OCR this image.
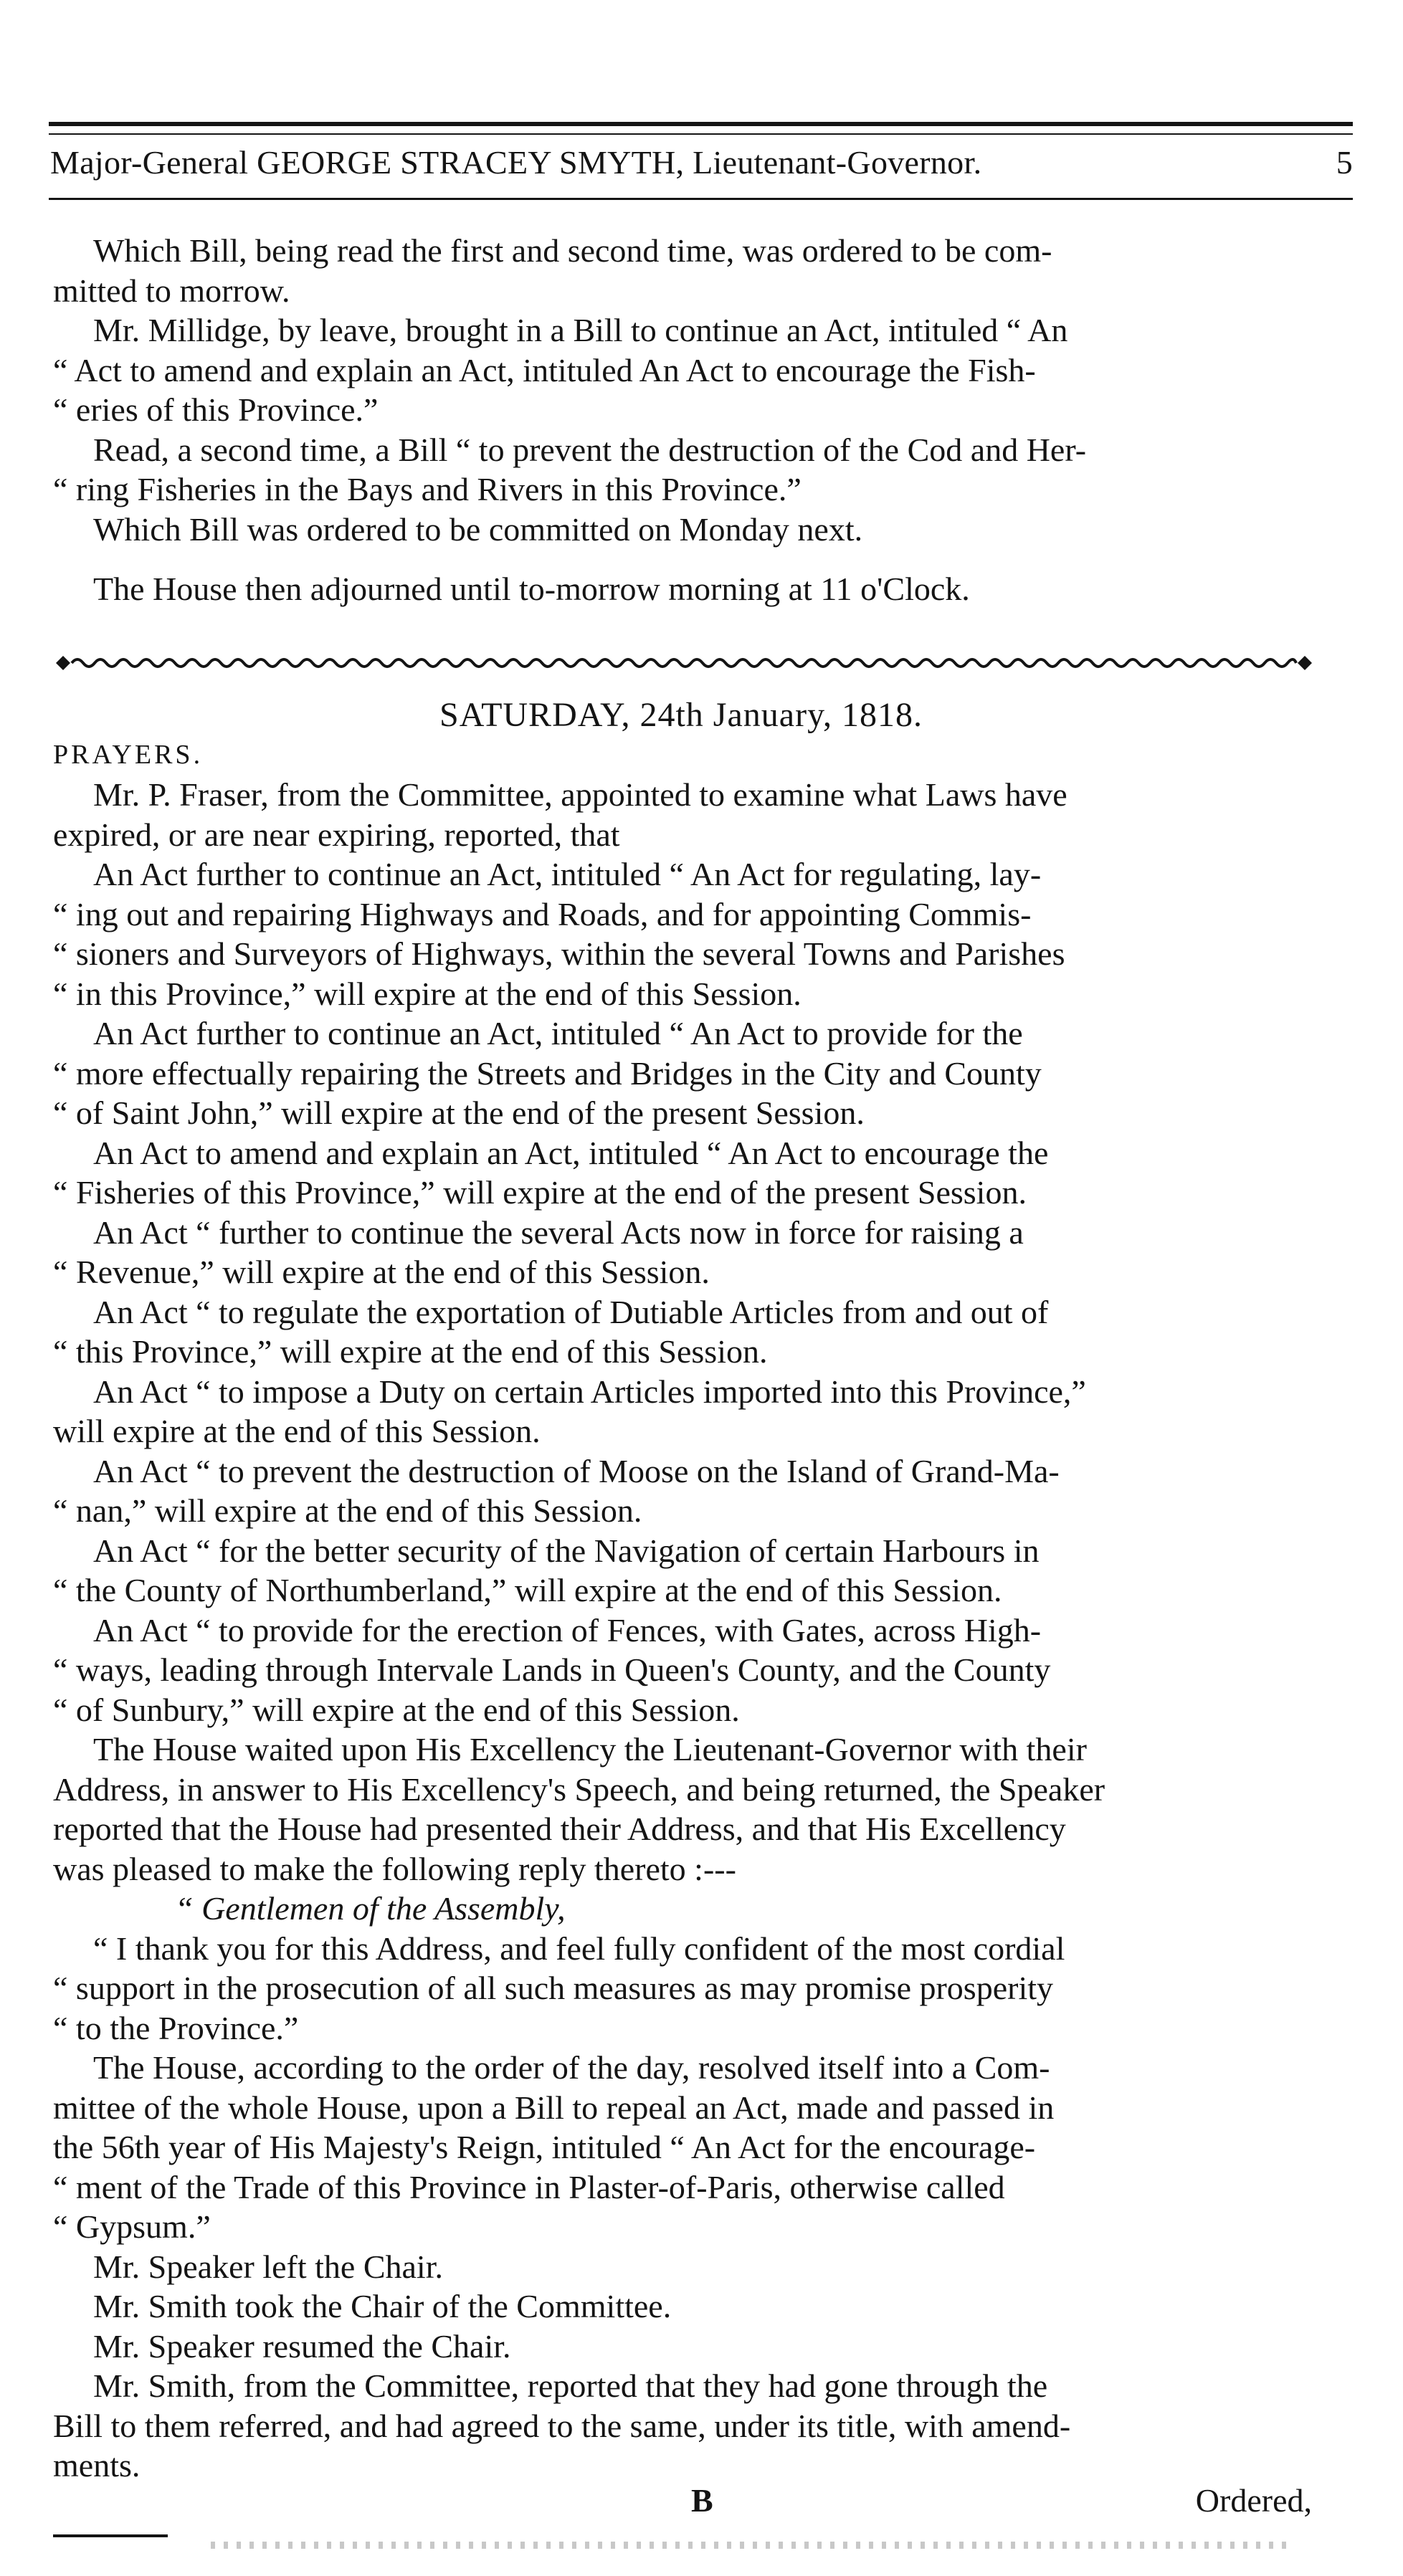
Major-General GEORGE STRACEY SMYTH, Lieutenant-Governor.	5

Which Bill, being read the first and second time, was ordered to be com-

mitted to morrow.

Mr. Millidge, by leave, brought in a Bill to continue an Act, intituled “ An

“ Act to amend and explain an Act, intituled An Act to encourage the Fish-

“ eries of this Province.”

Read, a second time, a Bill “ to prevent the destruction of the Cod and Her-

“ ring Fisheries in the Bays and Rivers in this Province.”

Which Bill was ordered to be committed on Monday next.

The House then adjourned until to-morrow morning at 11 o'Clock.

SATURDAY, 24th January, 1818.

PRAYERS.

Mr. P. Fraser, from the Committee, appointed to examine what Laws have

expired, or are near expiring, reported, that

An Act further to continue an Act, intituled “ An Act for regulating, lay-

“ ing out and repairing Highways and Roads, and for appointing Commis-

“ sioners and Surveyors of Highways, within the several Towns and Parishes

“ in this Province,” will expire at the end of this Session.

An Act further to continue an Act, intituled “ An Act to provide for the

“ more effectually repairing the Streets and Bridges in the City and County

“ of Saint John,” will expire at the end of the present Session.

An Act to amend and explain an Act, intituled “ An Act to encourage the

“ Fisheries of this Province,” will expire at the end of the present Session.

An Act “ further to continue the several Acts now in force for raising a

“ Revenue,” will expire at the end of this Session.

An Act “ to regulate the exportation of Dutiable Articles from and out of

“ this Province,” will expire at the end of this Session.

An Act “ to impose a Duty on certain Articles imported into this Province,”

will expire at the end of this Session.

An Act “ to prevent the destruction of Moose on the Island of Grand-Ma-

“ nan,” will expire at the end of this Session.

An Act “ for the better security of the Navigation of certain Harbours in

“ the County of Northumberland,” will expire at the end of this Session.

An Act “ to provide for the erection of Fences, with Gates, across High-

“ ways, leading through Intervale Lands in Queen's County, and the County

“ of Sunbury,” will expire at the end of this Session.

The House waited upon His Excellency the Lieutenant-Governor with their

Address, in answer to His Excellency's Speech, and being returned, the Speaker

reported that the House had presented their Address, and that His Excellency

was pleased to make the following reply thereto :---

“ Gentlemen of the Assembly,

“ I thank you for this Address, and feel fully confident of the most cordial

“ support in the prosecution of all such measures as may promise prosperity

“ to the Province.”

The House, according to the order of the day, resolved itself into a Com-

mittee of the whole House, upon a Bill to repeal an Act, made and passed in

the 56th year of His Majesty's Reign, intituled “ An Act for the encourage-

“ ment of the Trade of this Province in Plaster-of-Paris, otherwise called

“ Gypsum.”

Mr. Speaker left the Chair.

Mr. Smith took the Chair of the Committee.

Mr. Speaker resumed the Chair.

Mr. Smith, from the Committee, reported that they had gone through the

Bill to them referred, and had agreed to the same, under its title, with amend-

ments.

B	Ordered,
